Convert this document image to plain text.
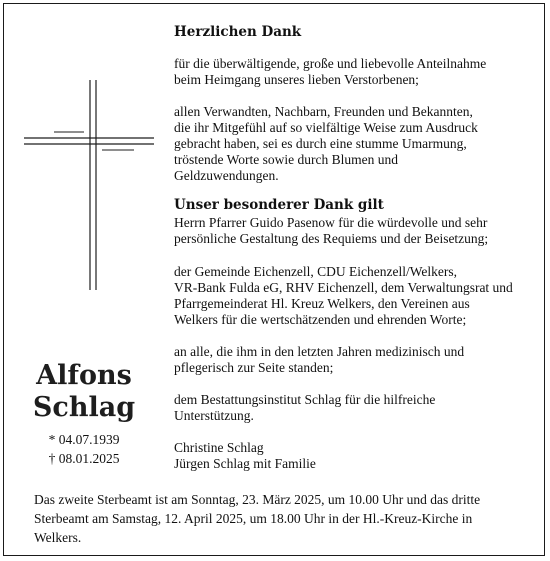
Alfons
Schlag
* 04.07.1939
† 08.01.2025
Herzlichen Dank
für die überwältigende, große und liebevolle Anteilnahme
beim Heimgang unseres lieben Verstorbenen;
allen Verwandten, Nachbarn, Freunden und Bekannten,
die ihr Mitgefühl auf so vielfältige Weise zum Ausdruck
gebracht haben, sei es durch eine stumme Umarmung,
tröstende Worte sowie durch Blumen und
Geldzuwendungen.
Unser besonderer Dank gilt
Herrn Pfarrer Guido Pasenow für die würdevolle und sehr
persönliche Gestaltung des Requiems und der Beisetzung;
der Gemeinde Eichenzell, CDU Eichenzell/Welkers,
VR-Bank Fulda eG, RHV Eichenzell, dem Verwaltungsrat und
Pfarrgemeinderat Hl. Kreuz Welkers, den Vereinen aus
Welkers für die wertschätzenden und ehrenden Worte;
an alle, die ihm in den letzten Jahren medizinisch und
pflegerisch zur Seite standen;
dem Bestattungsinstitut Schlag für die hilfreiche
Unterstützung.
Christine Schlag
Jürgen Schlag mit Familie
Das zweite Sterbeamt ist am Sonntag, 23. März 2025, um 10.00 Uhr und das dritte
Sterbeamt am Samstag, 12. April 2025, um 18.00 Uhr in der Hl.-Kreuz-Kirche in
Welkers.
